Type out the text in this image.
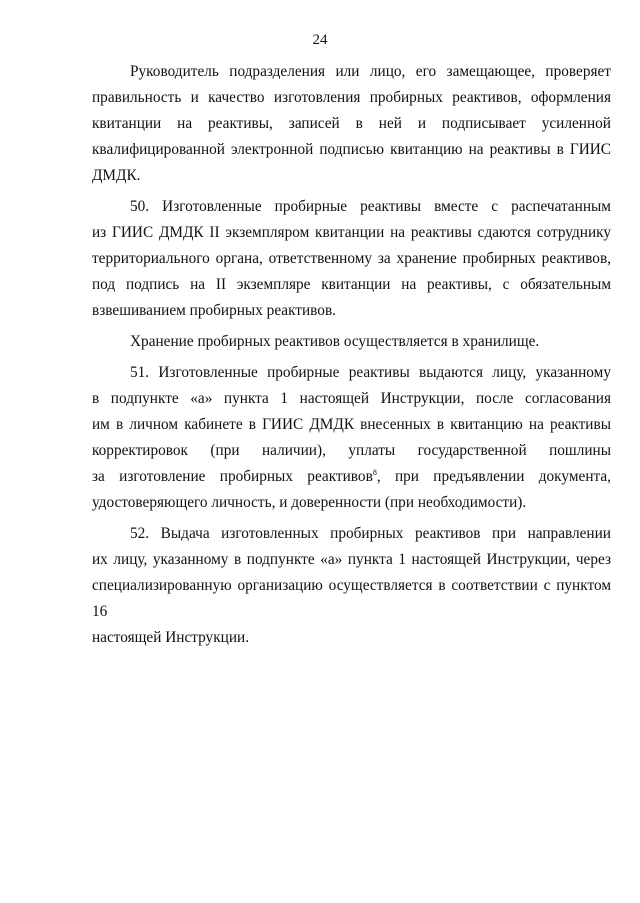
24

Руководитель подразделения или лицо, его замещающее, проверяет
правильность и качество изготовления пробирных реактивов, оформления
квитанции на реактивы, записей в ней и подписывает усиленной
квалифицированной электронной подписью квитанцию на реактивы в ГИИС
ДМДК.

50. Изготовленные пробирные реактивы вместе с распечатанным
из ГИИС ДМДК II экземпляром квитанции на реактивы сдаются сотруднику
территориального органа, ответственному за хранение пробирных реактивов,
под подпись на II экземпляре квитанции на реактивы, с обязательным
взвешиванием пробирных реактивов.

Хранение пробирных реактивов осуществляется в хранилище.

51. Изготовленные пробирные реактивы выдаются лицу, указанному
в подпункте «а» пункта 1 настоящей Инструкции, после согласования
им в личном кабинете в ГИИС ДМДК внесенных в квитанцию на реактивы
корректировок (при наличии), уплаты государственной пошлины
за изготовление пробирных реактивов$^8$, при предъявлении документа,
удостоверяющего личность, и доверенности (при необходимости).

52. Выдача изготовленных пробирных реактивов при направлении
их лицу, указанному в подпункте «а» пункта 1 настоящей Инструкции, через
специализированную организацию осуществляется в соответствии с пунктом 16
настоящей Инструкции.
